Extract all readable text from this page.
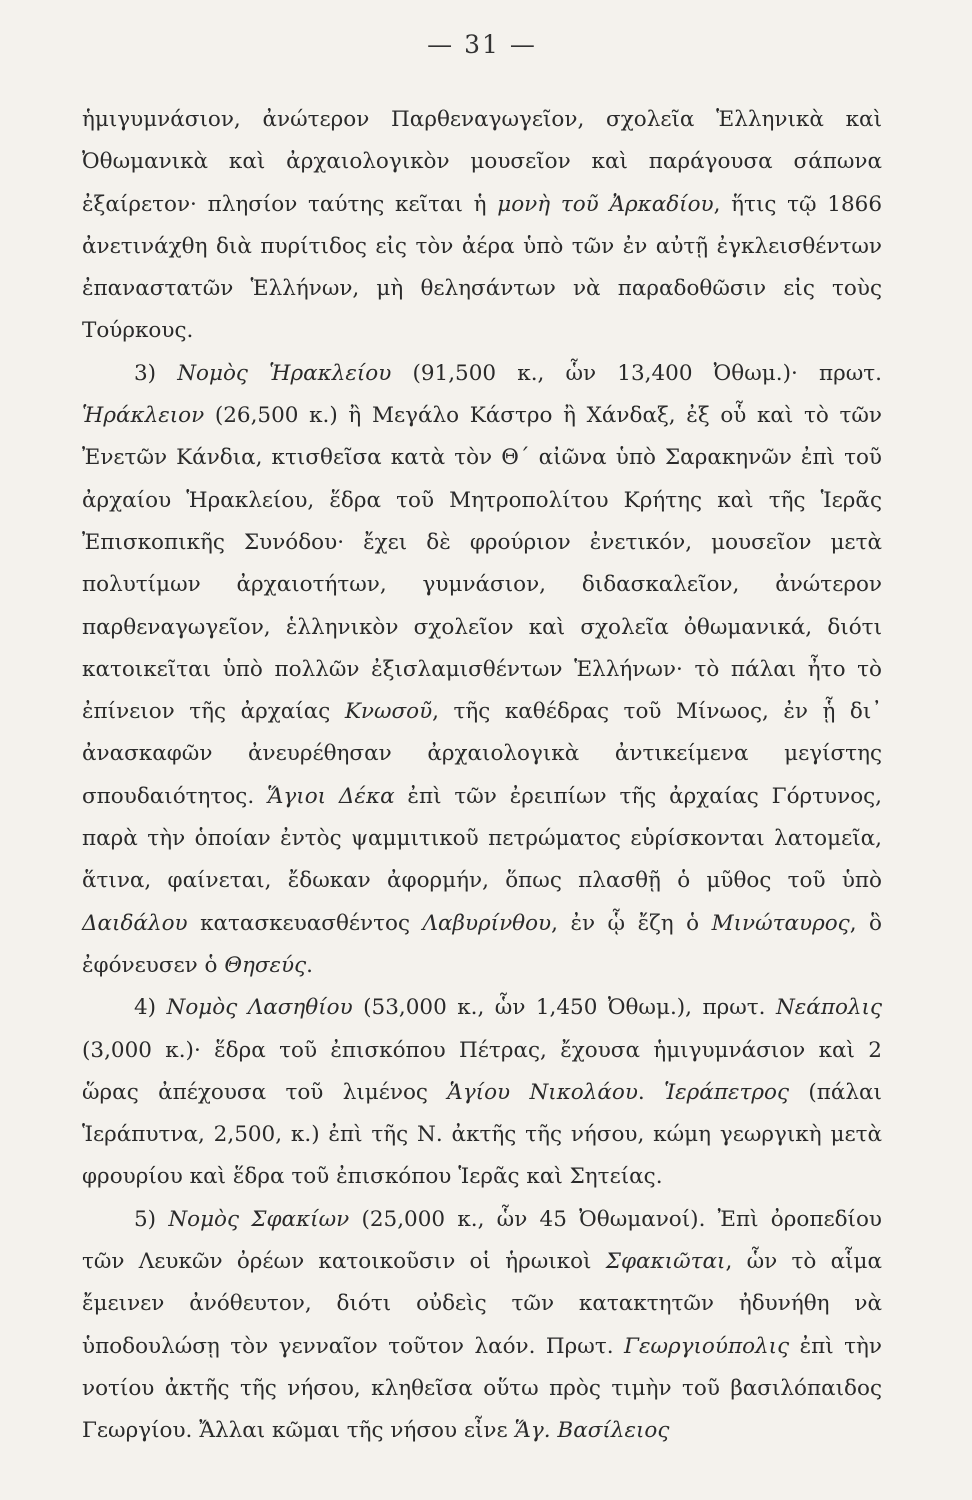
— 31 —

ἡμιγυμνάσιον, ἀνώτερον Παρθεναγωγεῖον, σχολεῖα Ἑλληνικὰ καὶ Ὀθωμανικὰ καὶ ἀρχαιολογικὸν μουσεῖον καὶ παράγουσα σάπωνα ἐξαίρετον· πλησίον ταύτης κεῖται ἡ μονὴ τοῦ Ἀρκαδίου, ἥτις τῷ 1866 ἀνετινάχθη διὰ πυρίτιδος εἰς τὸν ἀέρα ὑπὸ τῶν ἐν αὐτῇ ἐγκλεισθέντων ἐπαναστατῶν Ἑλλήνων, μὴ θελησάντων νὰ παραδοθῶσιν εἰς τοὺς Τούρκους.

3) Νομὸς Ἡρακλείου (91,500 κ., ὧν 13,400 Ὀθωμ.)· πρωτ. Ἡράκλειον (26,500 κ.) ἢ Μεγάλο Κάστρο ἢ Χάνδαξ, ἐξ οὗ καὶ τὸ τῶν Ἐνετῶν Κάνδια, κτισθεῖσα κατὰ τὸν Θ´ αἰῶνα ὑπὸ Σαρακηνῶν ἐπὶ τοῦ ἀρχαίου Ἡρακλείου, ἕδρα τοῦ Μητροπολίτου Κρήτης καὶ τῆς Ἱερᾶς Ἐπισκοπικῆς Συνόδου· ἔχει δὲ φρούριον ἐνετικόν, μουσεῖον μετὰ πολυτίμων ἀρχαιοτήτων, γυμνάσιον, διδασκαλεῖον, ἀνώτερον παρθεναγωγεῖον, ἑλληνικὸν σχολεῖον καὶ σχολεῖα ὀθωμανικά, διότι κατοικεῖται ὑπὸ πολλῶν ἐξισλαμισθέντων Ἑλλήνων· τὸ πάλαι ἦτο τὸ ἐπίνειον τῆς ἀρχαίας Κνωσοῦ, τῆς καθέδρας τοῦ Μίνωος, ἐν ᾗ δι᾽ ἀνασκαφῶν ἀνευρέθησαν ἀρχαιολογικὰ ἀντικείμενα μεγίστης σπουδαιότητος. Ἅγιοι Δέκα ἐπὶ τῶν ἐρειπίων τῆς ἀρχαίας Γόρτυνος, παρὰ τὴν ὁποίαν ἐντὸς ψαμμιτικοῦ πετρώματος εὑρίσκονται λατομεῖα, ἅτινα, φαίνεται, ἔδωκαν ἀφορμήν, ὅπως πλασθῇ ὁ μῦθος τοῦ ὑπὸ Δαιδάλου κατασκευασθέντος Λαβυρίνθου, ἐν ᾧ ἔζη ὁ Μινώταυρος, ὃ ἐφόνευσεν ὁ Θησεύς.

4) Νομὸς Λασηθίου (53,000 κ., ὧν 1,450 Ὀθωμ.), πρωτ. Νεάπολις (3,000 κ.)· ἕδρα τοῦ ἐπισκόπου Πέτρας, ἔχουσα ἡμιγυμνάσιον καὶ 2 ὥρας ἀπέχουσα τοῦ λιμένος Ἁγίου Νικολάου. Ἱεράπετρος (πάλαι Ἱεράπυτνα, 2,500, κ.) ἐπὶ τῆς Ν. ἀκτῆς τῆς νήσου, κώμη γεωργικὴ μετὰ φρουρίου καὶ ἕδρα τοῦ ἐπισκόπου Ἱερᾶς καὶ Σητείας.

5) Νομὸς Σφακίων (25,000 κ., ὧν 45 Ὀθωμανοί). Ἐπὶ ὀροπεδίου τῶν Λευκῶν ὀρέων κατοικοῦσιν οἱ ἡρωικοὶ Σφακιῶται, ὧν τὸ αἷμα ἔμεινεν ἀνόθευτον, διότι οὐδεὶς τῶν κατακτητῶν ἠδυνήθη νὰ ὑποδουλώσῃ τὸν γενναῖον τοῦτον λαόν. Πρωτ. Γεωργιούπολις ἐπὶ τὴν νοτίου ἀκτῆς τῆς νήσου, κληθεῖσα οὕτω πρὸς τιμὴν τοῦ βασιλόπαιδος Γεωργίου. Ἄλλαι κῶμαι τῆς νήσου εἶνε Ἅγ. Βασίλειος
